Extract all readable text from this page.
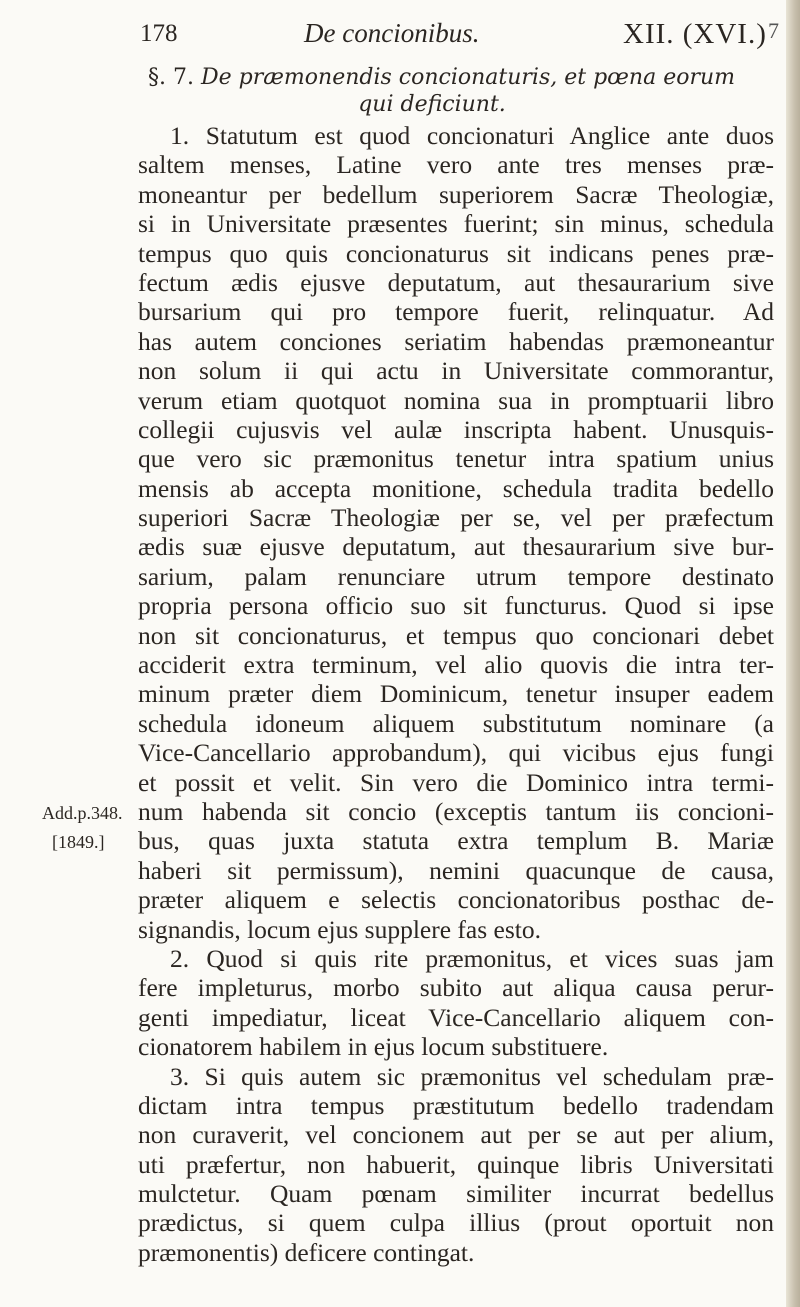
178	De concionibus.	XII. (XVI.) 7
§. 7. De præmonendis concionaturis, et pœna eorum
qui deficiunt.
Add.p.348.
[1849.]
1. Statutum est quod concionaturi Anglice ante duos
saltem menses, Latine vero ante tres menses præ-
moneantur per bedellum superiorem Sacræ Theologiæ,
si in Universitate præsentes fuerint; sin minus, schedula
tempus quo quis concionaturus sit indicans penes præ-
fectum ædis ejusve deputatum, aut thesaurarium sive
bursarium qui pro tempore fuerit, relinquatur. Ad
has autem conciones seriatim habendas præmoneantur
non solum ii qui actu in Universitate commorantur,
verum etiam quotquot nomina sua in promptuarii libro
collegii cujusvis vel aulæ inscripta habent. Unusquis-
que vero sic præmonitus tenetur intra spatium unius
mensis ab accepta monitione, schedula tradita bedello
superiori Sacræ Theologiæ per se, vel per præfectum
ædis suæ ejusve deputatum, aut thesaurarium sive bur-
sarium, palam renunciare utrum tempore destinato
propria persona officio suo sit functurus. Quod si ipse
non sit concionaturus, et tempus quo concionari debet
acciderit extra terminum, vel alio quovis die intra ter-
minum præter diem Dominicum, tenetur insuper eadem
schedula idoneum aliquem substitutum nominare (a
Vice-Cancellario approbandum), qui vicibus ejus fungi
et possit et velit. Sin vero die Dominico intra termi-
num habenda sit concio (exceptis tantum iis concioni-
bus, quas juxta statuta extra templum B. Mariæ
haberi sit permissum), nemini quacunque de causa,
præter aliquem e selectis concionatoribus posthac de-
signandis, locum ejus supplere fas esto.
2. Quod si quis rite præmonitus, et vices suas jam
fere impleturus, morbo subito aut aliqua causa perur-
genti impediatur, liceat Vice-Cancellario aliquem con-
cionatorem habilem in ejus locum substituere.
3. Si quis autem sic præmonitus vel schedulam præ-
dictam intra tempus præstitutum bedello tradendam
non curaverit, vel concionem aut per se aut per alium,
uti præfertur, non habuerit, quinque libris Universitati
mulctetur. Quam pœnam similiter incurrat bedellus
prædictus, si quem culpa illius (prout oportuit non
præmonentis) deficere contingat.
